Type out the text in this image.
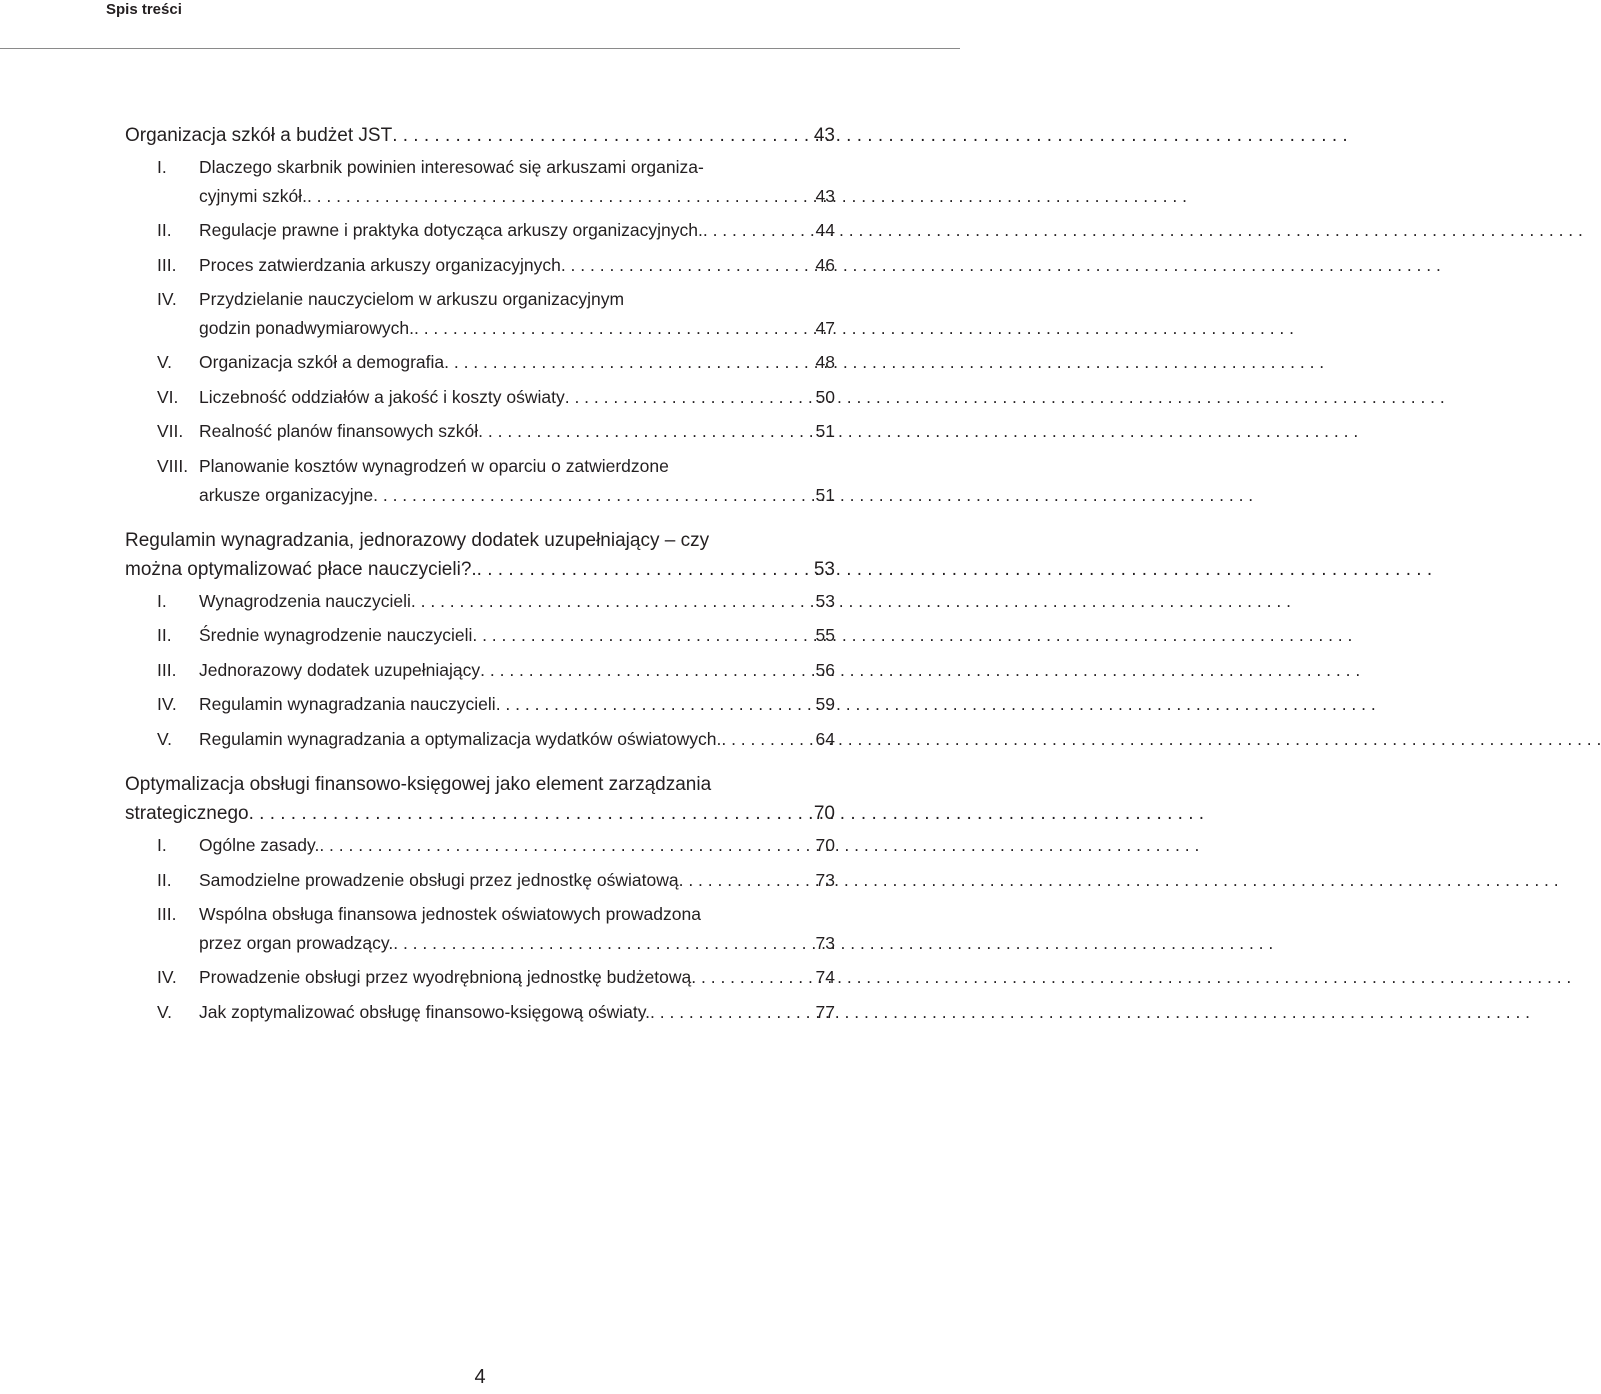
Spis treści
Organizacja szkół a budżet JST . . .	43
I. Dlaczego skarbnik powinien interesować się arkuszami organiza-
cyjnymi szkół. . . .	43
II. Regulacje prawne i praktyka dotycząca arkuszy organizacyjnych. . . .	44
III. Proces zatwierdzania arkuszy organizacyjnych . . .	46
IV. Przydzielanie nauczycielom w arkuszu organizacyjnym
godzin ponadwymiarowych. . . .	47
V. Organizacja szkół a demografia . . .	48
VI. Liczebność oddziałów a jakość i koszty oświaty . . .	50
VII. Realność planów finansowych szkół . . .	51
VIII. Planowanie kosztów wynagrodzeń w oparciu o zatwierdzone
arkusze organizacyjne . . .	51
Regulamin wynagradzania, jednorazowy dodatek uzupełniający – czy
można optymalizować płace nauczycieli?. . . .	53
I. Wynagrodzenia nauczycieli . . .	53
II. Średnie wynagrodzenie nauczycieli . . .	55
III. Jednorazowy dodatek uzupełniający . . .	56
IV. Regulamin wynagradzania nauczycieli . . .	59
V. Regulamin wynagradzania a optymalizacja wydatków oświatowych. . . .	64
Optymalizacja obsługi finansowo-księgowej jako element zarządzania
strategicznego . . .	70
I. Ogólne zasady. . . .	70
II. Samodzielne prowadzenie obsługi przez jednostkę oświatową . . .	73
III. Wspólna obsługa finansowa jednostek oświatowych prowadzona
przez organ prowadzący. . . .	73
IV. Prowadzenie obsługi przez wyodrębnioną jednostkę budżetową . . .	74
V. Jak zoptymalizować obsługę finansowo-księgową oświaty. . . .	77
4
